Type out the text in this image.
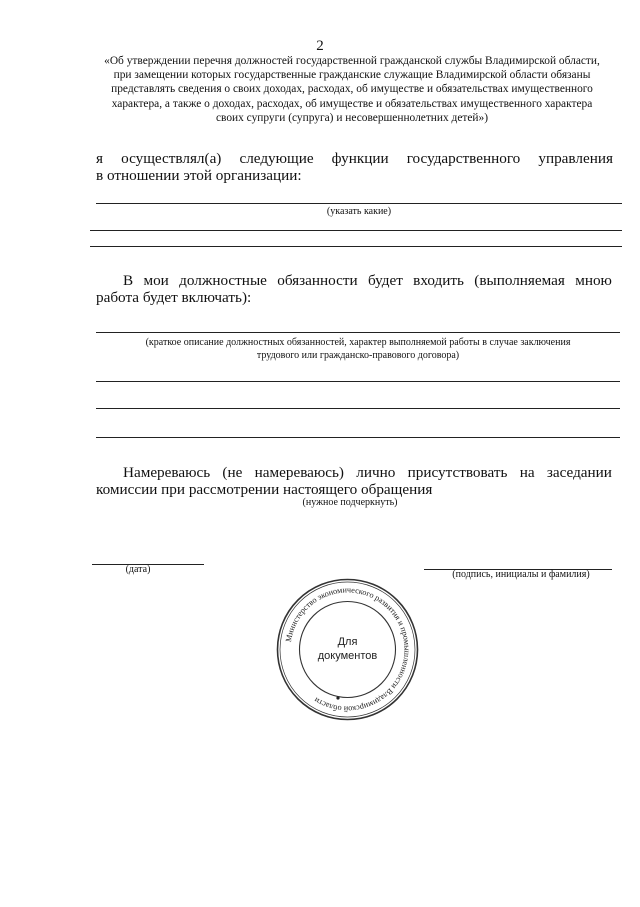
2
«Об утверждении перечня должностей государственной гражданской службы Владимирской области,
при замещении которых государственные гражданские служащие Владимирской области обязаны
представлять сведения о своих доходах, расходах, об имуществе и обязательствах имущественного
характера, а также о доходах, расходах, об имуществе и обязательствах имущественного характера
своих супруги (супруга) и несовершеннолетних детей»)
я осуществлял(а) следующие функции государственного управления
в отношении этой организации:
(указать какие)
В мои должностные обязанности будет входить (выполняемая мною
работа будет включать):
(краткое описание должностных обязанностей, характер выполняемой работы в случае заключения
трудового или гражданско-правового договора)
Намереваюсь (не намереваюсь) лично присутствовать на заседании
комиссии при рассмотрении настоящего обращения
(нужное подчеркнуть)
(дата)	(подпись, инициалы и фамилия)
Министерство экономического развития и промышленности Владимирской области
Для
документов
